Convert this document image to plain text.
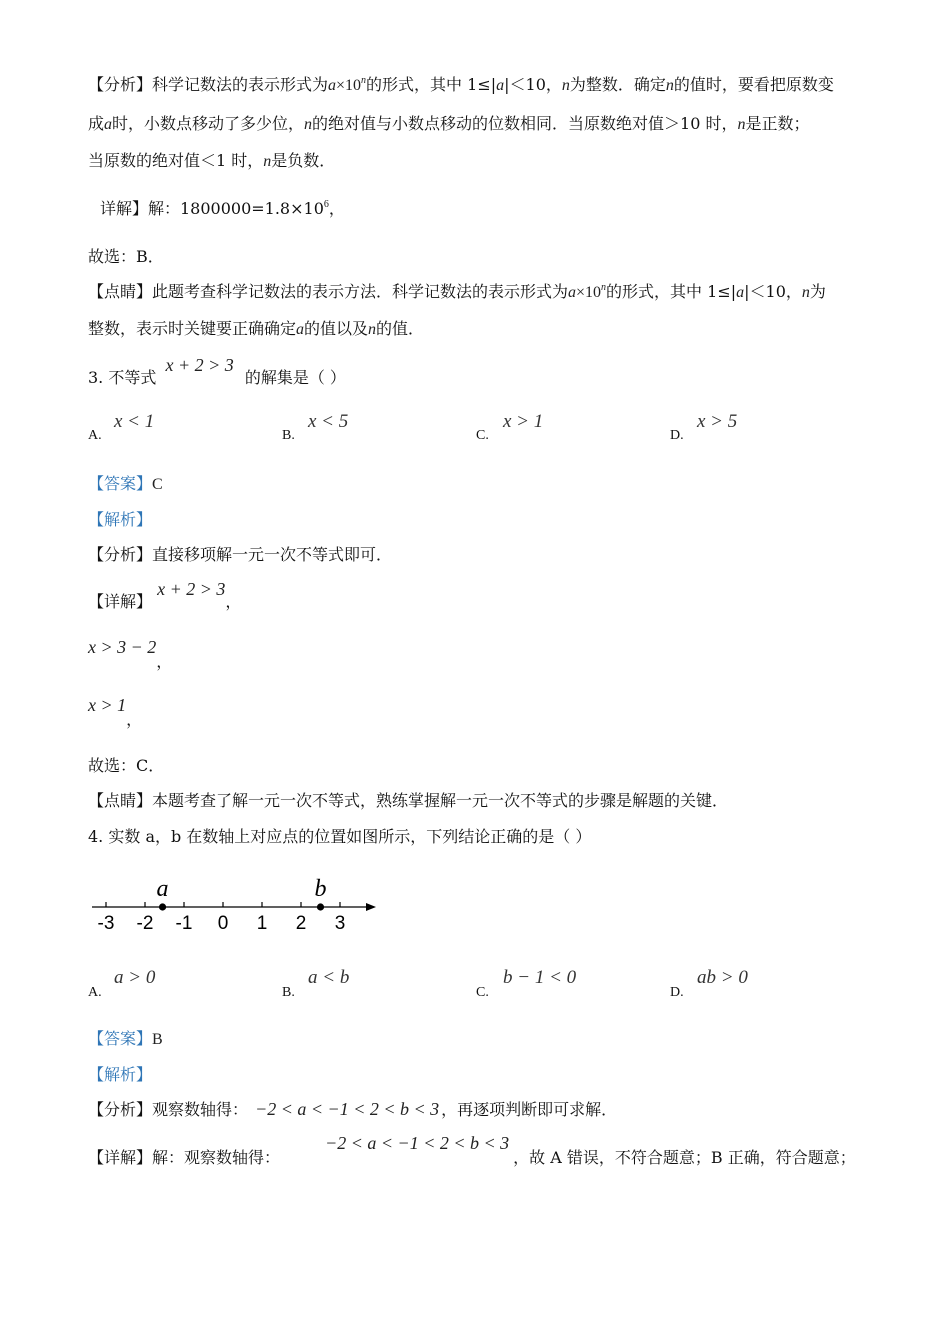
【分析】科学记数法的表示形式为$a\times 10^n$的形式，其中 1≤|a|＜10，n为整数．确定n的值时，要看把原数变
成a时，小数点移动了多少位，n的绝对值与小数点移动的位数相同．当原数绝对值＞10 时，n是正数；
当原数的绝对值＜1 时，n是负数．
详解】解：$1800000=1.8\times 10^6$，
故选：B．
【点睛】此题考查科学记数法的表示方法．科学记数法的表示形式为$a\times 10^n$的形式，其中 1≤|a|＜10，n为
整数，表示时关键要正确确定a的值以及n的值．
3. 不等式 x + 2 > 3 的解集是（ ）
A.
x < 1
B.
x < 5
C.
x > 1
D.
x > 5
【答案】C
【解析】
【分析】直接移项解一元一次不等式即可．
【详解】 x + 2 > 3，
x > 3 − 2，
x > 1，
故选：C．
【点睛】本题考查了解一元一次不等式，熟练掌握解一元一次不等式的步骤是解题的关键．
4. 实数 a，b 在数轴上对应点的位置如图所示，下列结论正确的是（ ）
-3 -2 -1 0 1 2 3
a	b
A.
a > 0
B.
a < b
C.
b − 1 < 0
D.
ab > 0
【答案】B
【解析】
【分析】观察数轴得： −2 < a < −1 < 2 < b < 3 ，再逐项判断即可求解．
【详解】解：观察数轴得： −2 < a < −1 < 2 < b < 3，故 A 错误，不符合题意；B 正确，符合题意；
